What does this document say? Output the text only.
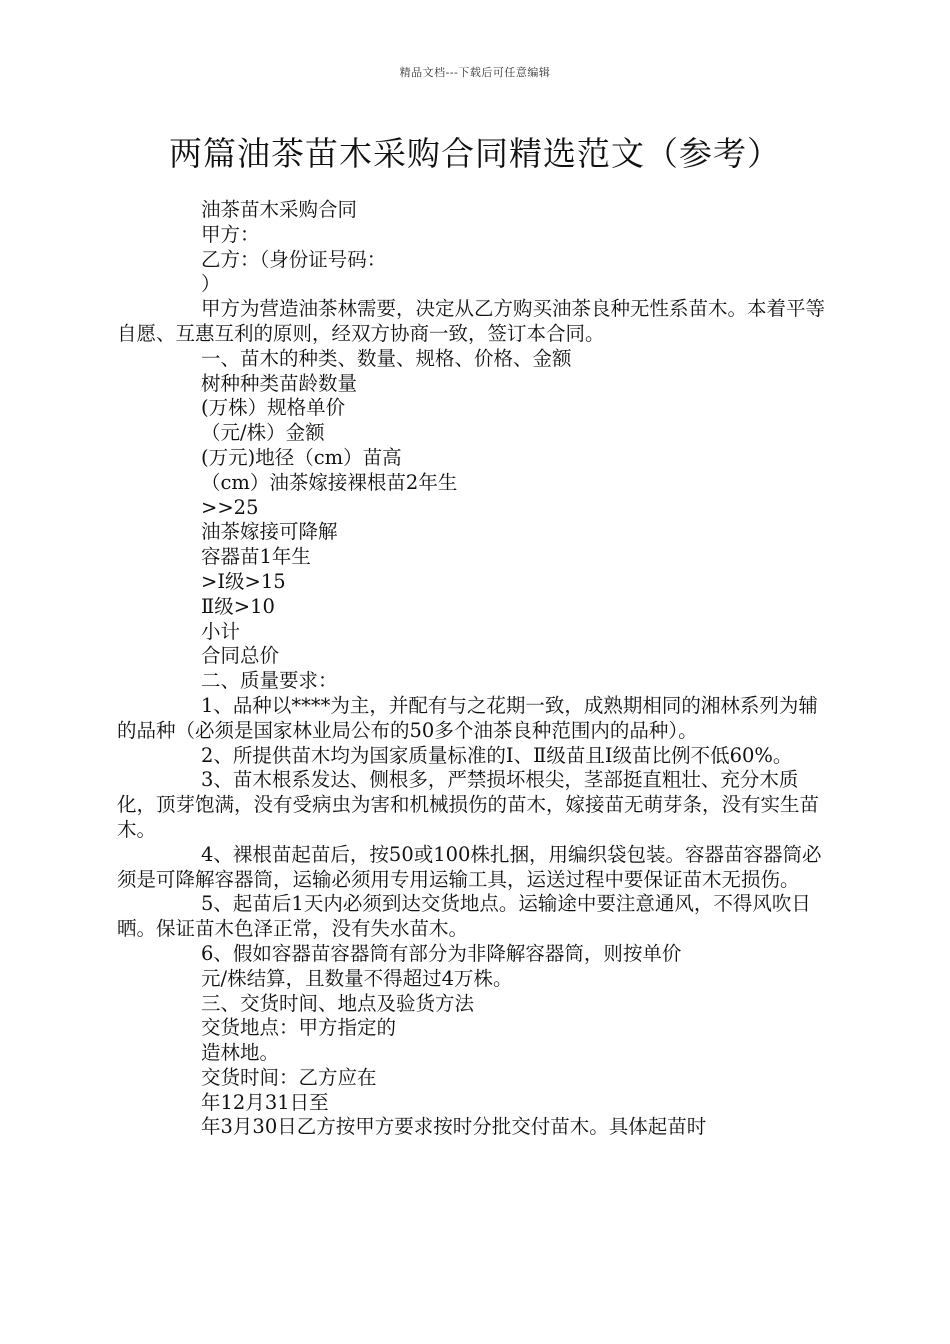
精品文档---下载后可任意编辑
两篇油茶苗木采购合同精选范文（参考）

油茶苗木采购合同

甲方：

乙方：（身份证号码：

）

甲方为营造油茶林需要，决定从乙方购买油茶良种无性系苗木。本着平等自愿、互惠互利的原则，经双方协商一致，签订本合同。

一、苗木的种类、数量、规格、价格、金额

树种种类苗龄数量

(万株）规格单价

（元/株）金额

(万元)地径（cm）苗高

（cm）油茶嫁接裸根苗2年生

>>25

油茶嫁接可降解

容器苗1年生

>Ⅰ级>15

Ⅱ级>10

小计

合同总价

二、质量要求：

1、品种以****为主，并配有与之花期一致，成熟期相同的湘林系列为辅的品种（必须是国家林业局公布的50多个油茶良种范围内的品种）。

2、所提供苗木均为国家质量标准的Ⅰ、Ⅱ级苗且Ⅰ级苗比例不低60%。

3、苗木根系发达、侧根多，严禁损坏根尖，茎部挺直粗壮、充分木质化，顶芽饱满，没有受病虫为害和机械损伤的苗木，嫁接苗无萌芽条，没有实生苗木。

4、裸根苗起苗后，按50或100株扎捆，用编织袋包装。容器苗容器筒必须是可降解容器筒，运输必须用专用运输工具，运送过程中要保证苗木无损伤。

5、起苗后1天内必须到达交货地点。运输途中要注意通风，不得风吹日晒。保证苗木色泽正常，没有失水苗木。

6、假如容器苗容器筒有部分为非降解容器筒，则按单价

元/株结算，且数量不得超过4万株。

三、交货时间、地点及验货方法

交货地点：甲方指定的

造林地。

交货时间：乙方应在

年12月31日至

年3月30日乙方按甲方要求按时分批交付苗木。具体起苗时
